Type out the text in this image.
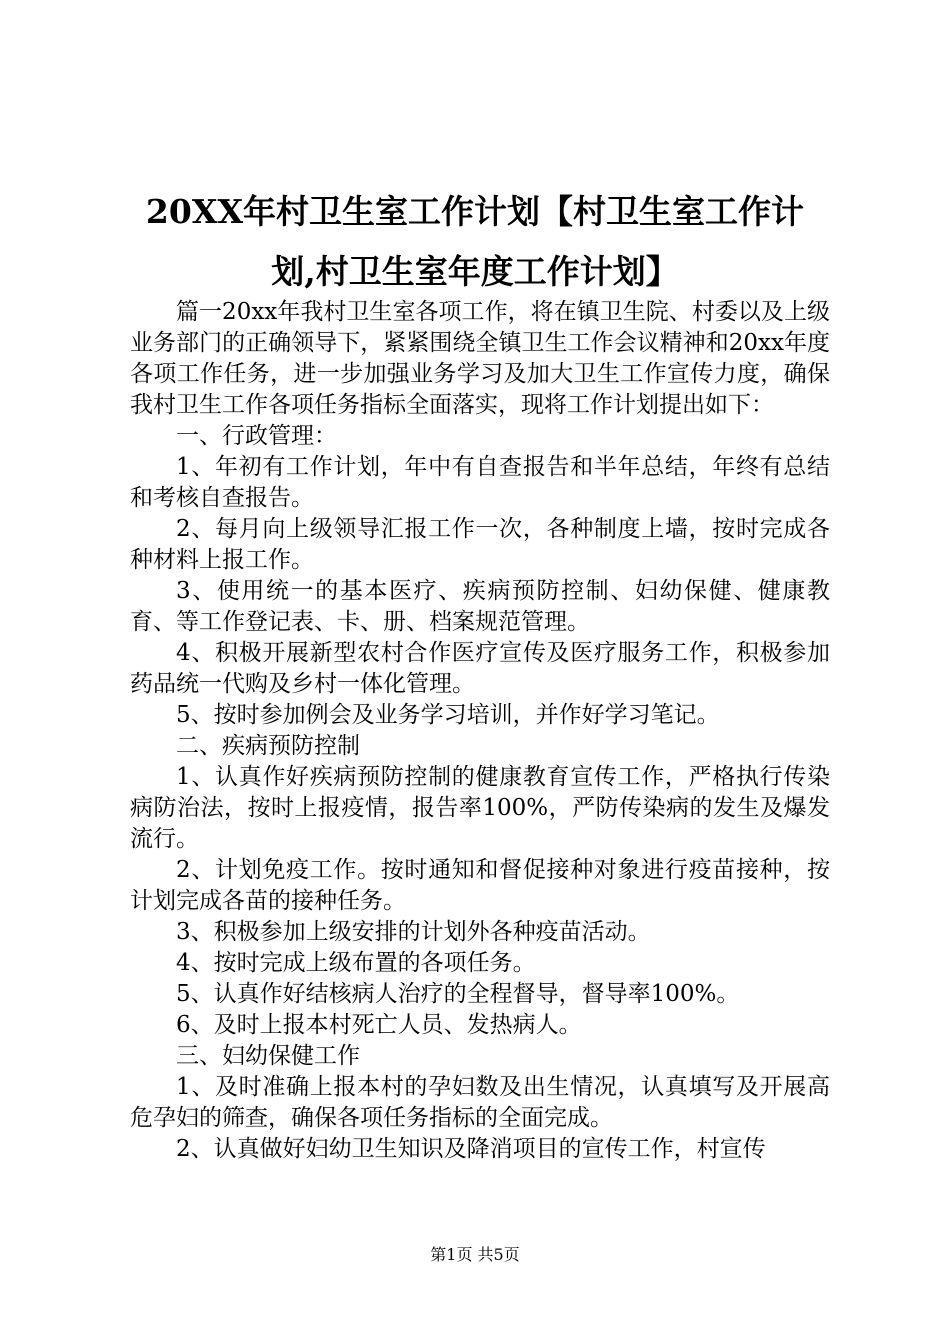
20XX年村卫生室工作计划【村卫生室工作计
划,村卫生室年度工作计划】

篇一20xx年我村卫生室各项工作，将在镇卫生院、村委以及上级业务部门的正确领导下，紧紧围绕全镇卫生工作会议精神和20xx年度各项工作任务，进一步加强业务学习及加大卫生工作宣传力度，确保我村卫生工作各项任务指标全面落实，现将工作计划提出如下：

一、行政管理：

1、年初有工作计划，年中有自查报告和半年总结，年终有总结和考核自查报告。

2、每月向上级领导汇报工作一次，各种制度上墙，按时完成各种材料上报工作。

3、使用统一的基本医疗、疾病预防控制、妇幼保健、健康教育、等工作登记表、卡、册、档案规范管理。

4、积极开展新型农村合作医疗宣传及医疗服务工作，积极参加药品统一代购及乡村一体化管理。

5、按时参加例会及业务学习培训，并作好学习笔记。

二、疾病预防控制

1、认真作好疾病预防控制的健康教育宣传工作，严格执行传染病防治法，按时上报疫情，报告率100%，严防传染病的发生及爆发流行。

2、计划免疫工作。按时通知和督促接种对象进行疫苗接种，按计划完成各苗的接种任务。

3、积极参加上级安排的计划外各种疫苗活动。

4、按时完成上级布置的各项任务。

5、认真作好结核病人治疗的全程督导，督导率100%。

6、及时上报本村死亡人员、发热病人。

三、妇幼保健工作

1、及时准确上报本村的孕妇数及出生情况，认真填写及开展高危孕妇的筛查，确保各项任务指标的全面完成。

2、认真做好妇幼卫生知识及降消项目的宣传工作，村宣传

第1页 共5页
